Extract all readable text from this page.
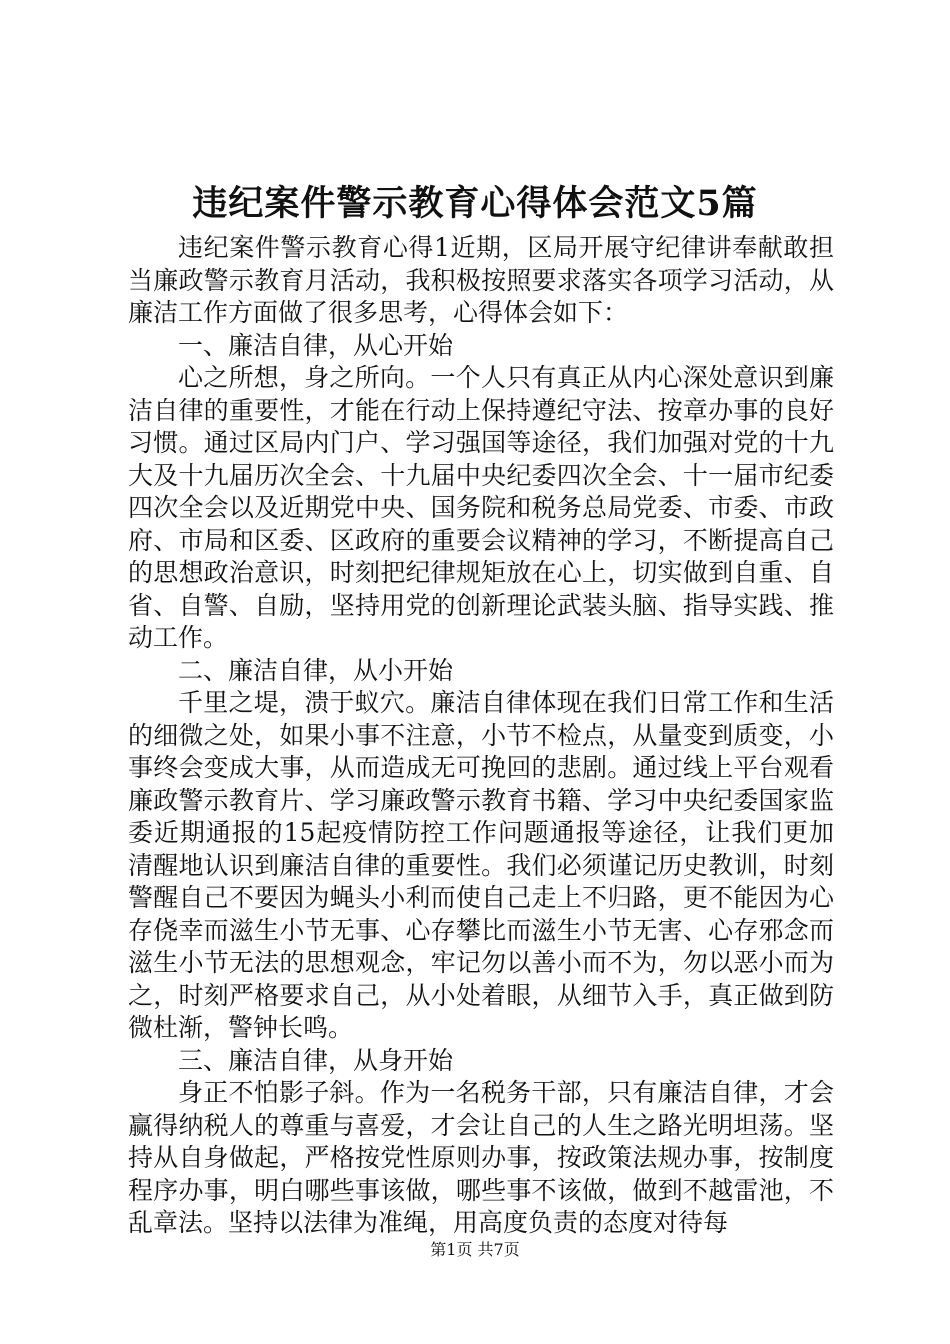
违纪案件警示教育心得体会范文5篇

违纪案件警示教育心得1近期，区局开展守纪律讲奉献敢担当廉政警示教育月活动，我积极按照要求落实各项学习活动，从廉洁工作方面做了很多思考，心得体会如下：

一、廉洁自律，从心开始

心之所想，身之所向。一个人只有真正从内心深处意识到廉洁自律的重要性，才能在行动上保持遵纪守法、按章办事的良好习惯。通过区局内门户、学习强国等途径，我们加强对党的十九大及十九届历次全会、十九届中央纪委四次全会、十一届市纪委四次全会以及近期党中央、国务院和税务总局党委、市委、市政府、市局和区委、区政府的重要会议精神的学习，不断提高自己的思想政治意识，时刻把纪律规矩放在心上，切实做到自重、自省、自警、自励，坚持用党的创新理论武装头脑、指导实践、推动工作。

二、廉洁自律，从小开始

千里之堤，溃于蚁穴。廉洁自律体现在我们日常工作和生活的细微之处，如果小事不注意，小节不检点，从量变到质变，小事终会变成大事，从而造成无可挽回的悲剧。通过线上平台观看廉政警示教育片、学习廉政警示教育书籍、学习中央纪委国家监委近期通报的15起疫情防控工作问题通报等途径，让我们更加清醒地认识到廉洁自律的重要性。我们必须谨记历史教训，时刻警醒自己不要因为蝇头小利而使自己走上不归路，更不能因为心存侥幸而滋生小节无事、心存攀比而滋生小节无害、心存邪念而滋生小节无法的思想观念，牢记勿以善小而不为，勿以恶小而为之，时刻严格要求自己，从小处着眼，从细节入手，真正做到防微杜渐，警钟长鸣。

三、廉洁自律，从身开始

身正不怕影子斜。作为一名税务干部，只有廉洁自律，才会赢得纳税人的尊重与喜爱，才会让自己的人生之路光明坦荡。坚持从自身做起，严格按党性原则办事，按政策法规办事，按制度程序办事，明白哪些事该做，哪些事不该做，做到不越雷池，不乱章法。坚持以法律为准绳，用高度负责的态度对待每

第1页 共7页
